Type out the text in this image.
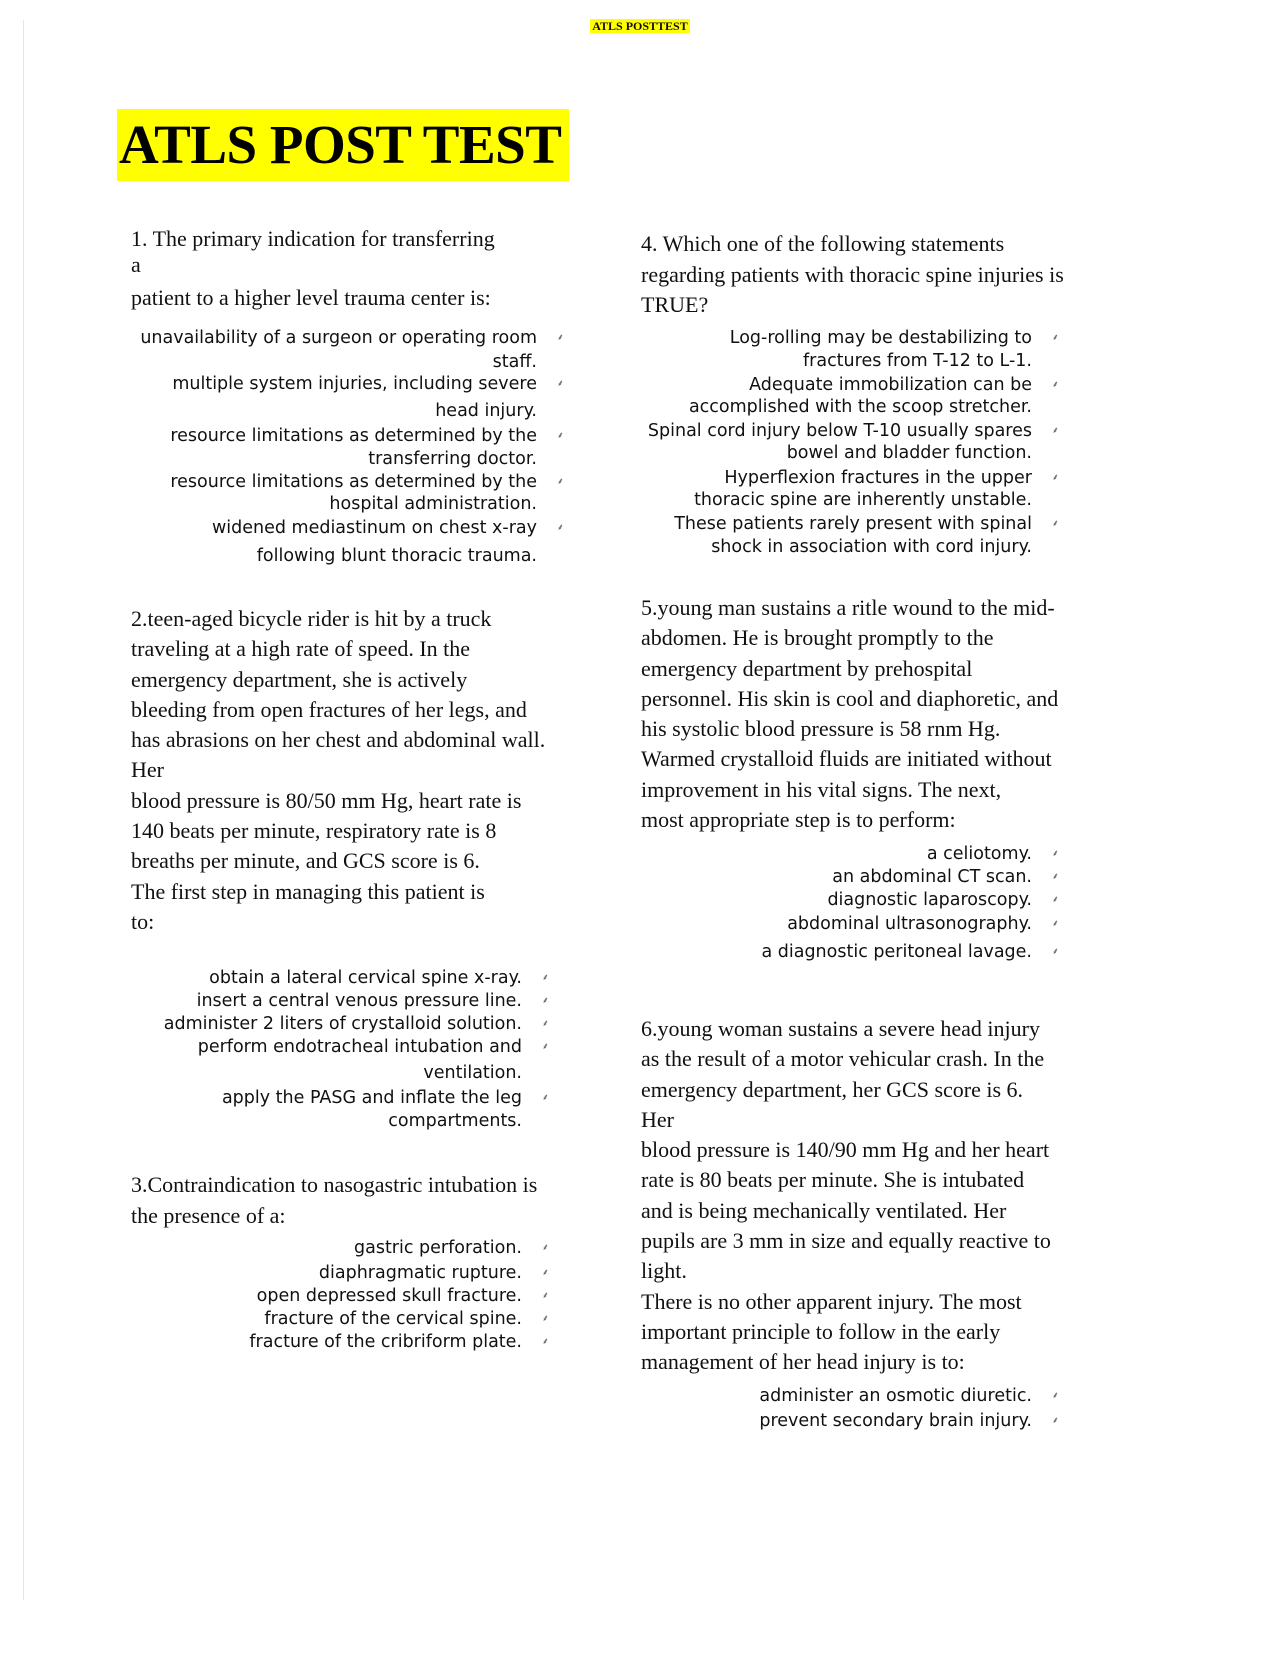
ATLS POSTTEST
ATLS POST TEST
1. The primary indication for transferring
a
patient to a higher level trauma center is:
unavailability of a surgeon or operating room
staff.
⸙
multiple system injuries, including severe
head injury.
⸙
resource limitations as determined by the
transferring doctor.
⸙
resource limitations as determined by the
hospital administration.
⸙
widened mediastinum on chest x-ray
following blunt thoracic trauma.
⸙
2.teen-aged bicycle rider is hit by a truck
traveling at a high rate of speed. In the
emergency department, she is actively
bleeding from open fractures of her legs, and
has abrasions on her chest and abdominal wall.
Her
blood pressure is 80/50 mm Hg, heart rate is
140 beats per minute, respiratory rate is 8
breaths per minute, and GCS score is 6.
The first step in managing this patient is
to:
obtain a lateral cervical spine x-ray. ⸙
insert a central venous pressure line. ⸙
administer 2 liters of crystalloid solution. ⸙
perform endotracheal intubation and
ventilation.
⸙
apply the PASG and inflate the leg
compartments.
⸙
3.Contraindication to nasogastric intubation is
the presence of a:
gastric perforation. ⸙
diaphragmatic rupture. ⸙
open depressed skull fracture. ⸙
fracture of the cervical spine. ⸙
fracture of the cribriform plate. ⸙
4. Which one of the following statements
regarding patients with thoracic spine injuries is
TRUE?
Log-rolling may be destabilizing to
fractures from T-12 to L-1.
⸙
Adequate immobilization can be
accomplished with the scoop stretcher.
⸙
Spinal cord injury below T-10 usually spares
bowel and bladder function.
⸙
Hyperflexion fractures in the upper
thoracic spine are inherently unstable.
⸙
These patients rarely present with spinal
shock in association with cord injury.
⸙
5.young man sustains a ritle wound to the mid-
abdomen. He is brought promptly to the
emergency department by prehospital
personnel. His skin is cool and diaphoretic, and
his systolic blood pressure is 58 rnm Hg.
Warmed crystalloid fluids are initiated without
improvement in his vital signs. The next,
most appropriate step is to perform:
a celiotomy. ⸙
an abdominal CT scan. ⸙
diagnostic laparoscopy. ⸙
abdominal ultrasonography. ⸙
a diagnostic peritoneal lavage. ⸙
6.young woman sustains a severe head injury
as the result of a motor vehicular crash. In the
emergency department, her GCS score is 6.
Her
blood pressure is 140/90 mm Hg and her heart
rate is 80 beats per minute. She is intubated
and is being mechanically ventilated. Her
pupils are 3 mm in size and equally reactive to
light.
There is no other apparent injury. The most
important principle to follow in the early
management of her head injury is to:
administer an osmotic diuretic. ⸙
prevent secondary brain injury. ⸙
